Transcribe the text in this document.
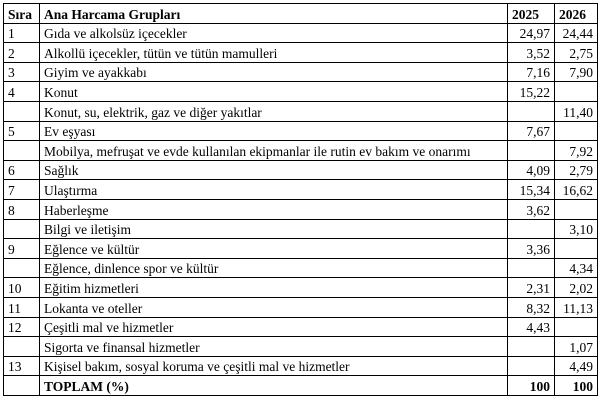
Sıra	Ana Harcama Grupları	2025	2026
1	Gıda ve alkolsüz içecekler	24,97	24,44
2	Alkollü içecekler, tütün ve tütün mamulleri	3,52	2,75
3	Giyim ve ayakkabı	7,16	7,90
4	Konut	15,22	
	Konut, su, elektrik, gaz ve diğer yakıtlar		11,40
5	Ev eşyası	7,67	
	Mobilya, mefruşat ve evde kullanılan ekipmanlar ile rutin ev bakım ve onarımı		7,92
6	Sağlık	4,09	2,79
7	Ulaştırma	15,34	16,62
8	Haberleşme	3,62	
	Bilgi ve iletişim		3,10
9	Eğlence ve kültür	3,36	
	Eğlence, dinlence spor ve kültür		4,34
10	Eğitim hizmetleri	2,31	2,02
11	Lokanta ve oteller	8,32	11,13
12	Çeşitli mal ve hizmetler	4,43	
	Sigorta ve finansal hizmetler		1,07
13	Kişisel bakım, sosyal koruma ve çeşitli mal ve hizmetler		4,49
	TOPLAM (%)	100	100
